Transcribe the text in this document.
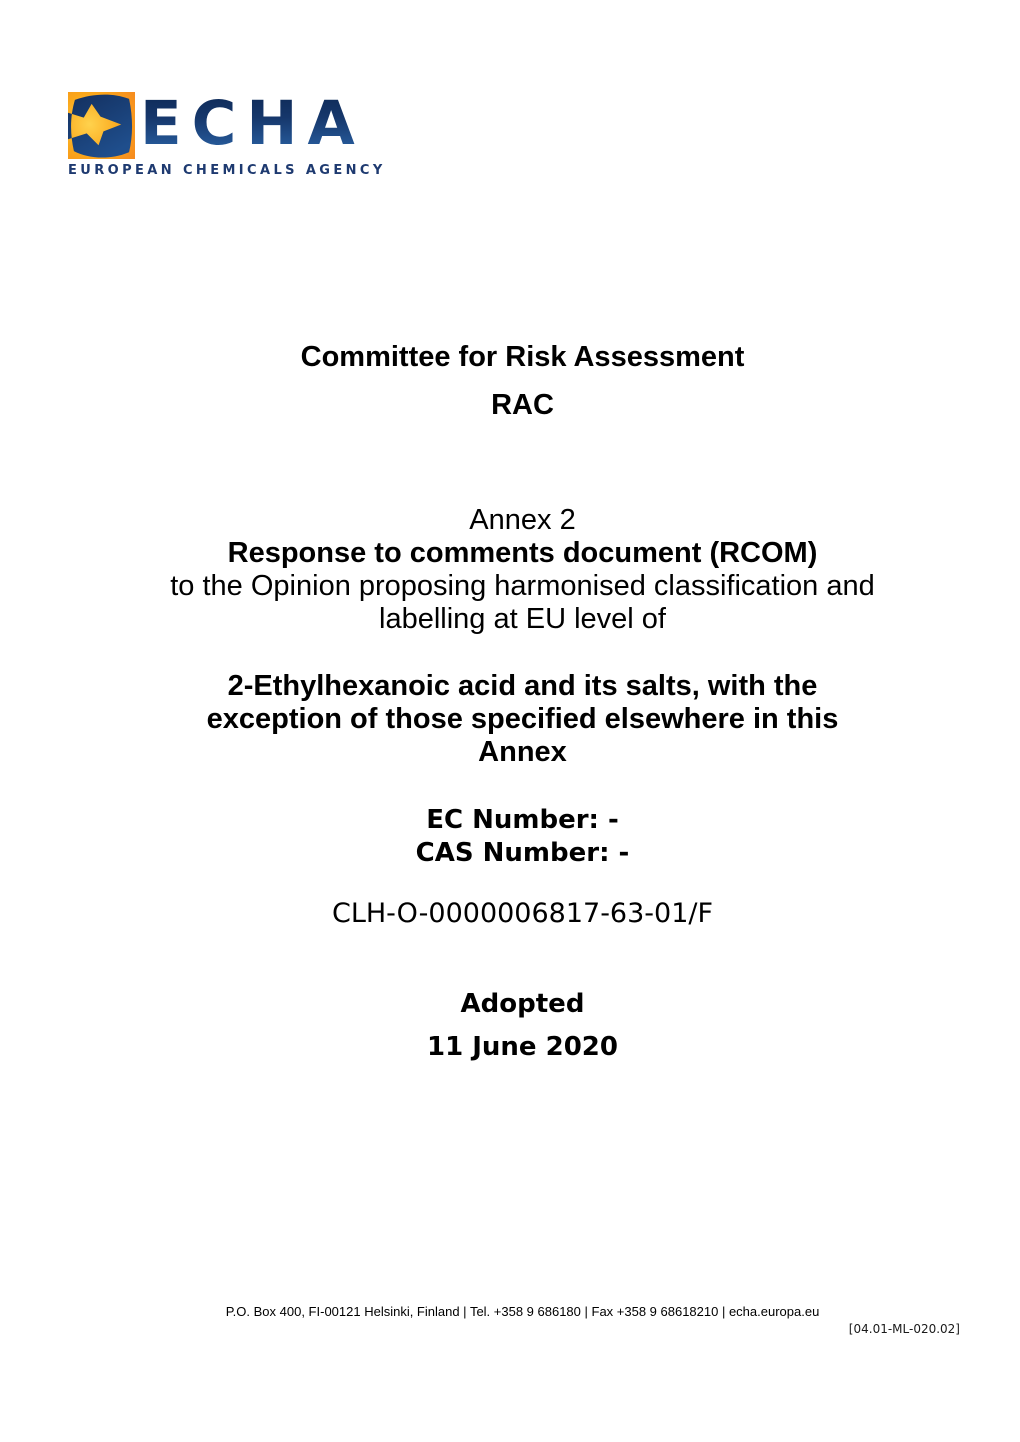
ECHA
EUROPEAN CHEMICALS AGENCY
Committee for Risk Assessment
RAC
Annex 2
Response to comments document (RCOM)
to the Opinion proposing harmonised classification and
labelling at EU level of
2-Ethylhexanoic acid and its salts, with the
exception of those specified elsewhere in this
Annex
EC Number: -
CAS Number: -
CLH-O-0000006817-63-01/F
Adopted
11 June 2020
P.O. Box 400, FI-00121 Helsinki, Finland | Tel. +358 9 686180 | Fax +358 9 68618210 | echa.europa.eu
[04.01-ML-020.02]
